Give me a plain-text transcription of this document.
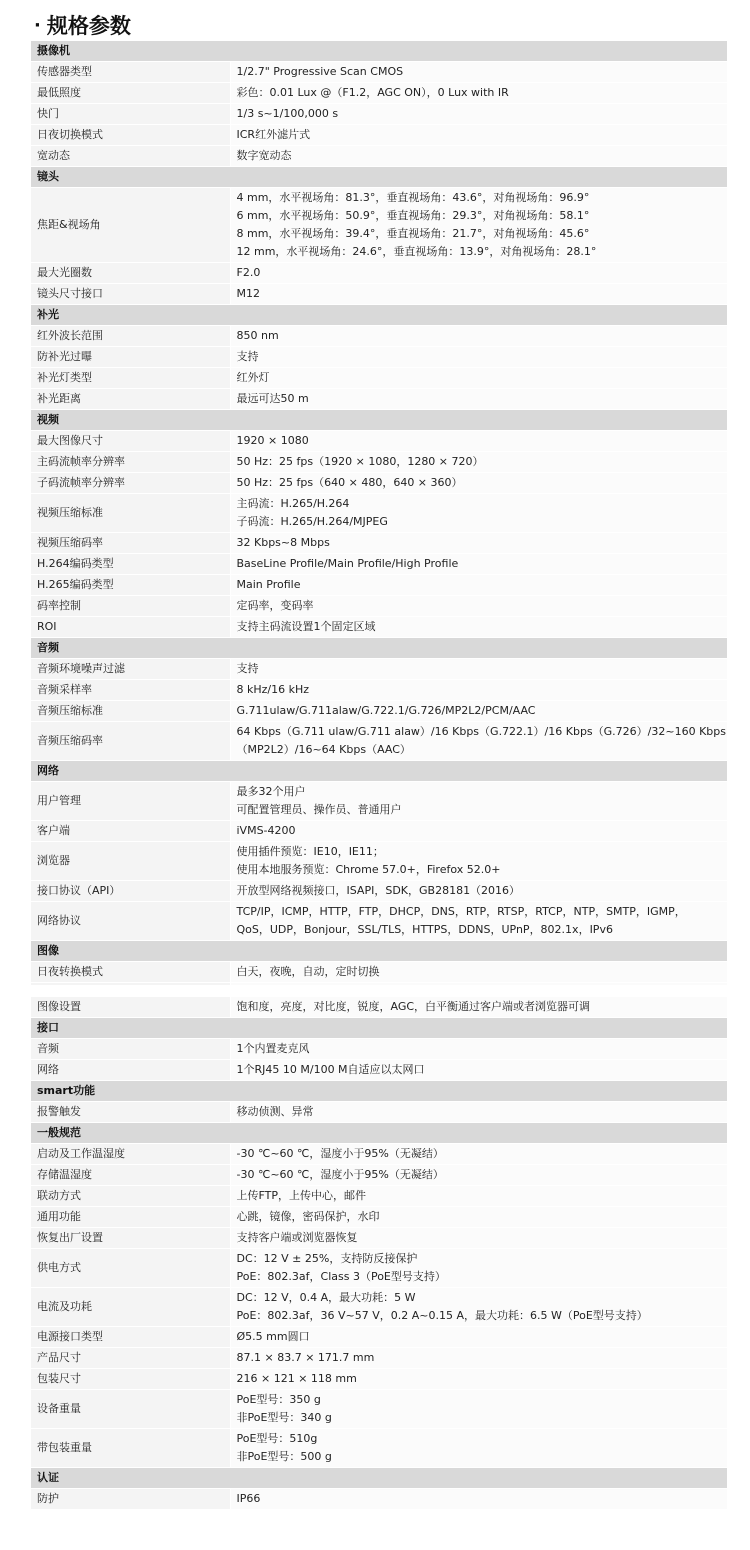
· 规格参数
摄像机	
传感器类型	1/2.7" Progressive Scan CMOS

最低照度	彩色：0.01 Lux @（F1.2，AGC ON），0 Lux with IR

快门	1/3 s~1/100,000 s

日夜切换模式	ICR红外滤片式

宽动态	数字宽动态

镜头	
焦距&视场角	4 mm，水平视场角：81.3°，垂直视场角：43.6°，对角视场角：96.9°
6 mm，水平视场角：50.9°，垂直视场角：29.3°，对角视场角：58.1°
8 mm，水平视场角：39.4°，垂直视场角：21.7°，对角视场角：45.6°
12 mm，水平视场角：24.6°，垂直视场角：13.9°，对角视场角：28.1°

最大光圈数	F2.0

镜头尺寸接口	M12

补光	
红外波长范围	850 nm

防补光过曝	支持

补光灯类型	红外灯

补光距离	最远可达50 m

视频	
最大图像尺寸	1920 × 1080

主码流帧率分辨率	50 Hz：25 fps（1920 × 1080，1280 × 720）

子码流帧率分辨率	50 Hz：25 fps（640 × 480，640 × 360）

视频压缩标准	主码流：H.265/H.264
子码流：H.265/H.264/MJPEG

视频压缩码率	32 Kbps~8 Mbps

H.264编码类型	BaseLine Profile/Main Profile/High Profile

H.265编码类型	Main Profile

码率控制	定码率，变码率

ROI	支持主码流设置1个固定区域

音频	
音频环境噪声过滤	支持

音频采样率	8 kHz/16 kHz

音频压缩标准	G.711ulaw/G.711alaw/G.722.1/G.726/MP2L2/PCM/AAC

音频压缩码率	64 Kbps（G.711 ulaw/G.711 alaw）/16 Kbps（G.722.1）/16 Kbps（G.726）/32~160 Kbps
（MP2L2）/16~64 Kbps（AAC）

网络	
用户管理	最多32个用户
可配置管理员、操作员、普通用户

客户端	iVMS-4200

浏览器	使用插件预览：IE10，IE11；
使用本地服务预览：Chrome 57.0+，Firefox 52.0+

接口协议（API）	开放型网络视频接口，ISAPI，SDK，GB28181（2016）

网络协议	TCP/IP，ICMP，HTTP，FTP，DHCP，DNS，RTP，RTSP，RTCP，NTP，SMTP，IGMP，
QoS，UDP，Bonjour，SSL/TLS，HTTPS，DDNS，UPnP，802.1x，IPv6

图像	
日夜转换模式	白天，夜晚，自动，定时切换

图像设置	饱和度，亮度，对比度，锐度，AGC，白平衡通过客户端或者浏览器可调

接口	
音频	1个内置麦克风

网络	1个RJ45 10 M/100 M自适应以太网口

smart功能	
报警触发	移动侦测、异常

一般规范	
启动及工作温湿度	-30 ℃~60 ℃，湿度小于95%（无凝结）

存储温湿度	-30 ℃~60 ℃，湿度小于95%（无凝结）

联动方式	上传FTP，上传中心，邮件

通用功能	心跳，镜像，密码保护，水印

恢复出厂设置	支持客户端或浏览器恢复

供电方式	DC：12 V ± 25%，支持防反接保护
PoE：802.3af，Class 3（PoE型号支持）

电流及功耗	DC：12 V，0.4 A，最大功耗：5 W
PoE：802.3af，36 V~57 V，0.2 A~0.15 A，最大功耗：6.5 W（PoE型号支持）

电源接口类型	Ø5.5 mm圆口

产品尺寸	87.1 × 83.7 × 171.7 mm

包装尺寸	216 × 121 × 118 mm

设备重量	PoE型号：350 g
非PoE型号：340 g

带包装重量	PoE型号：510g
非PoE型号：500 g

认证	
防护	IP66
